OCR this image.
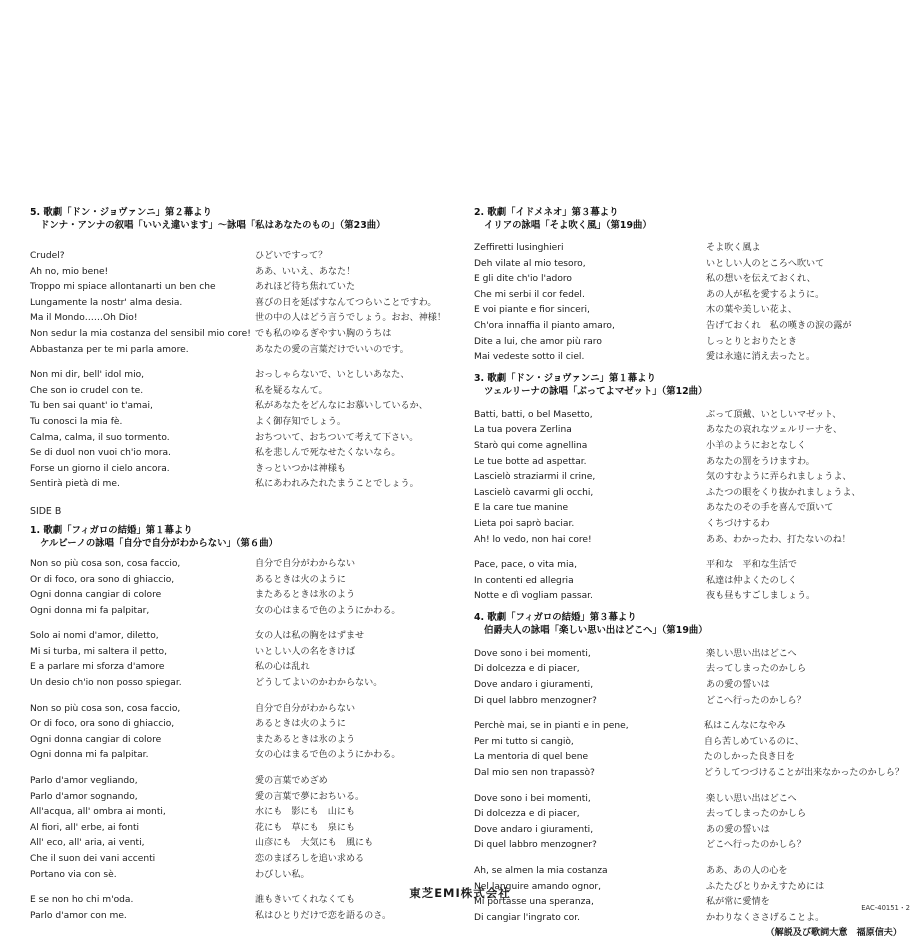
5. 歌劇「ドン・ジョヴァンニ」第２幕より
ドンナ・アンナの叙唱「いいえ違います」〜詠唱「私はあなたのもの」（第23曲）
Crudel?
Ah no, mio bene!
Troppo mi spiace allontanarti un ben che
Lungamente la nostr' alma desia.
Ma il Mondo……Oh Dio!
Non sedur la mia costanza del sensibil mio core!
Abbastanza per te mi parla amore.
ひどいですって？
ああ、いいえ、あなた！
あれほど待ち焦れていた
喜びの日を延ばすなんてつらいことですわ。
世の中の人はどう言うでしょう。おお、神様！
でも私のゆるぎやすい胸のうちは
あなたの愛の言葉だけでいいのです。
Non mi dir, bell' idol mio,
Che son io crudel con te.
Tu ben sai quant' io t'amai,
Tu conosci la mia fè.
Calma, calma, il suo tormento.
Se di duol non vuoi ch'io mora.
Forse un giorno il cielo ancora.
Sentirà pietà di me.
おっしゃらないで、いとしいあなた、
私を疑るなんて。
私があなたをどんなにお慕いしているか、
よく御存知でしょう。
おちついて、おちついて考えて下さい。
私を悲しんで死なせたくないなら。
きっといつかは神様も
私にあわれみたれたまうことでしょう。
SIDE B
1. 歌劇「フィガロの結婚」第１幕より
ケルビーノの詠唱「自分で自分がわからない」（第６曲）
Non so più cosa son, cosa faccio,
Or di foco, ora sono di ghiaccio,
Ogni donna cangiar di colore
Ogni donna mi fa palpitar,
自分で自分がわからない
あるときは火のように
またあるときは氷のよう
女の心はまるで色のようにかわる。
Solo ai nomi d'amor, diletto,
Mi si turba, mi saltera il petto,
E a parlare mi sforza d'amore
Un desio ch'io non posso spiegar.
女の人は私の胸をはずませ
いとしい人の名をきけば
私の心は乱れ
どうしてよいのかわからない。
Non so più cosa son, cosa faccio,
Or di foco, ora sono di ghiaccio,
Ogni donna cangiar di colore
Ogni donna mi fa palpitar.
自分で自分がわからない
あるときは火のように
またあるときは氷のよう
女の心はまるで色のようにかわる。
Parlo d'amor vegliando,
Parlo d'amor sognando,
All'acqua, all' ombra ai monti,
Al fiori, all' erbe, ai fonti
All' eco, all' aria, ai venti,
Che il suon dei vani accenti
Portano via con sè.
愛の言葉でめざめ
愛の言葉で夢におちいる。
水にも　影にも　山にも
花にも　草にも　泉にも
山彦にも　大気にも　風にも
恋のまぼろしを追い求める
わびしい私。
E se non ho chi m'oda.
Parlo d'amor con me.
誰もきいてくれなくても
私はひとりだけで恋を語るのさ。
2. 歌劇「イドメネオ」第３幕より
イリアの詠唱「そよ吹く風」（第19曲）
Zeffiretti lusinghieri
Deh vilate al mio tesoro,
E gli dite ch'io l'adoro
Che mi serbi il cor fedel.
E voi piante e fior sinceri,
Ch'ora innaffia il pianto amaro,
Dite a lui, che amor più raro
Mai vedeste sotto il ciel.
そよ吹く風よ
いとしい人のところへ吹いて
私の想いを伝えておくれ、
あの人が私を愛するように。
木の葉や美しい花よ、
告げておくれ　私の嘆きの涙の露が
しっとりとおりたとき
愛は永遠に消え去ったと。
3. 歌劇「ドン・ジョヴァンニ」第１幕より
ツェルリーナの詠唱「ぶってよマゼット」（第12曲）
Batti, batti, o bel Masetto,
La tua povera Zerlina
Starò qui come agnellina
Le tue botte ad aspettar.
Lascielò straziarmi il crine,
Lascielò cavarmi gli occhi,
E la care tue manine
Lieta poi saprò baciar.
Ah! lo vedo, non hai core!
ぶって頂戴、いとしいマゼット、
あなたの哀れなツェルリーナを、
小羊のようにおとなしく
あなたの罰をうけますわ。
気のすむように弄られましょうよ、
ふたつの眼をくり抜かれましょうよ、
あなたのその手を喜んで頂いて
くちづけするわ
ああ、わかったわ、打たないのね！
Pace, pace, o vita mia,
In contenti ed allegria
Notte e dì vogliam passar.
平和な　平和な生活で
私達は仲よくたのしく
夜も昼もすごしましょう。
4. 歌劇「フィガロの結婚」第３幕より
伯爵夫人の詠唱「楽しい思い出はどこへ」（第19曲）
Dove sono i bei momenti,
Di dolcezza e di piacer,
Dove andaro i giuramenti,
Di quel labbro menzogner?
楽しい思い出はどこへ
去ってしまったのかしら
あの愛の誓いは
どこへ行ったのかしら？
Perchè mai, se in pianti e in pene,
Per mi tutto si cangiò,
La mentoria di quel bene
Dal mio sen non trapassò?
私はこんなになやみ
自ら苦しめているのに、
たのしかった良き日を
どうしてつづけることが出来なかったのかしら？
Dove sono i bei momenti,
Di dolcezza e di piacer,
Dove andaro i giuramenti,
Di quel labbro menzogner?
楽しい思い出はどこへ
去ってしまったのかしら
あの愛の誓いは
どこへ行ったのかしら？
Ah, se almen la mia costanza
Nel languire amando ognor,
Mi portasse una speranza,
Di cangiar l'ingrato cor.
ああ、あの人の心を
ふたたびとりかえすためには
私が常に愛情を
かわりなくささげることよ。
（解説及び歌詞大意　福原信夫）
東芝EMI株式会社
EAC-40151・2
